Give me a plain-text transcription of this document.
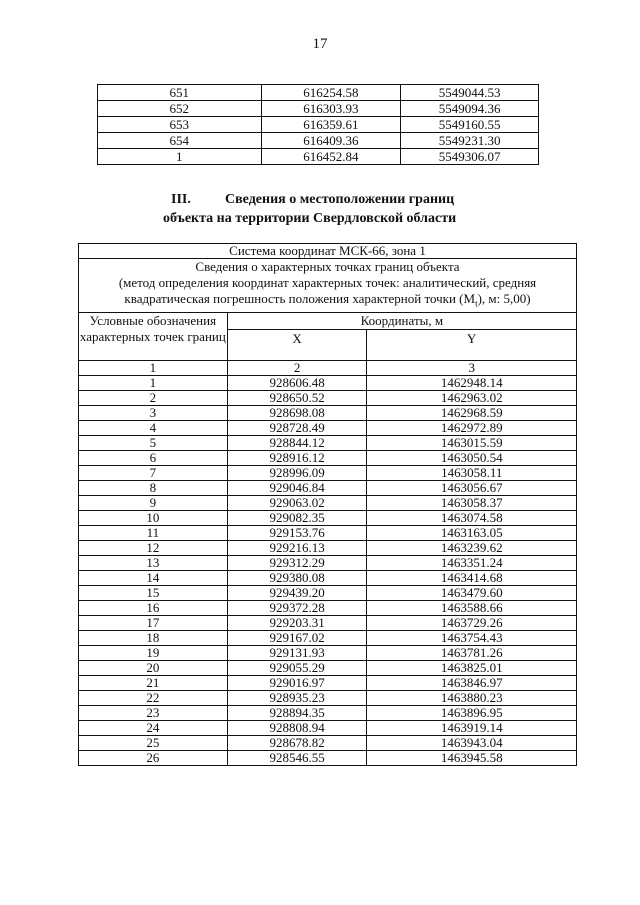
17
651	616254.58	5549044.53
652	616303.93	5549094.36
653	616359.61	5549160.55
654	616409.36	5549231.30
1	616452.84	5549306.07
III. Сведения о местоположении границ
объекта на территории Свердловской области
Система координат МСК-66, зона 1		

Сведения о характерных точках границ объекта
(метод определения координат характерных точек: аналитический, средняя
квадратическая погрешность положения характерной точки $(M_t)$, м: 5,00)		

Условные обозначения характерных точек границ	Координаты, м	
	X	Y
1	2	3
1	928606.48	1462948.14
2	928650.52	1462963.02
3	928698.08	1462968.59
4	928728.49	1462972.89
5	928844.12	1463015.59
6	928916.12	1463050.54
7	928996.09	1463058.11
8	929046.84	1463056.67
9	929063.02	1463058.37
10	929082.35	1463074.58
11	929153.76	1463163.05
12	929216.13	1463239.62
13	929312.29	1463351.24
14	929380.08	1463414.68
15	929439.20	1463479.60
16	929372.28	1463588.66
17	929203.31	1463729.26
18	929167.02	1463754.43
19	929131.93	1463781.26
20	929055.29	1463825.01
21	929016.97	1463846.97
22	928935.23	1463880.23
23	928894.35	1463896.95
24	928808.94	1463919.14
25	928678.82	1463943.04
26	928546.55	1463945.58
